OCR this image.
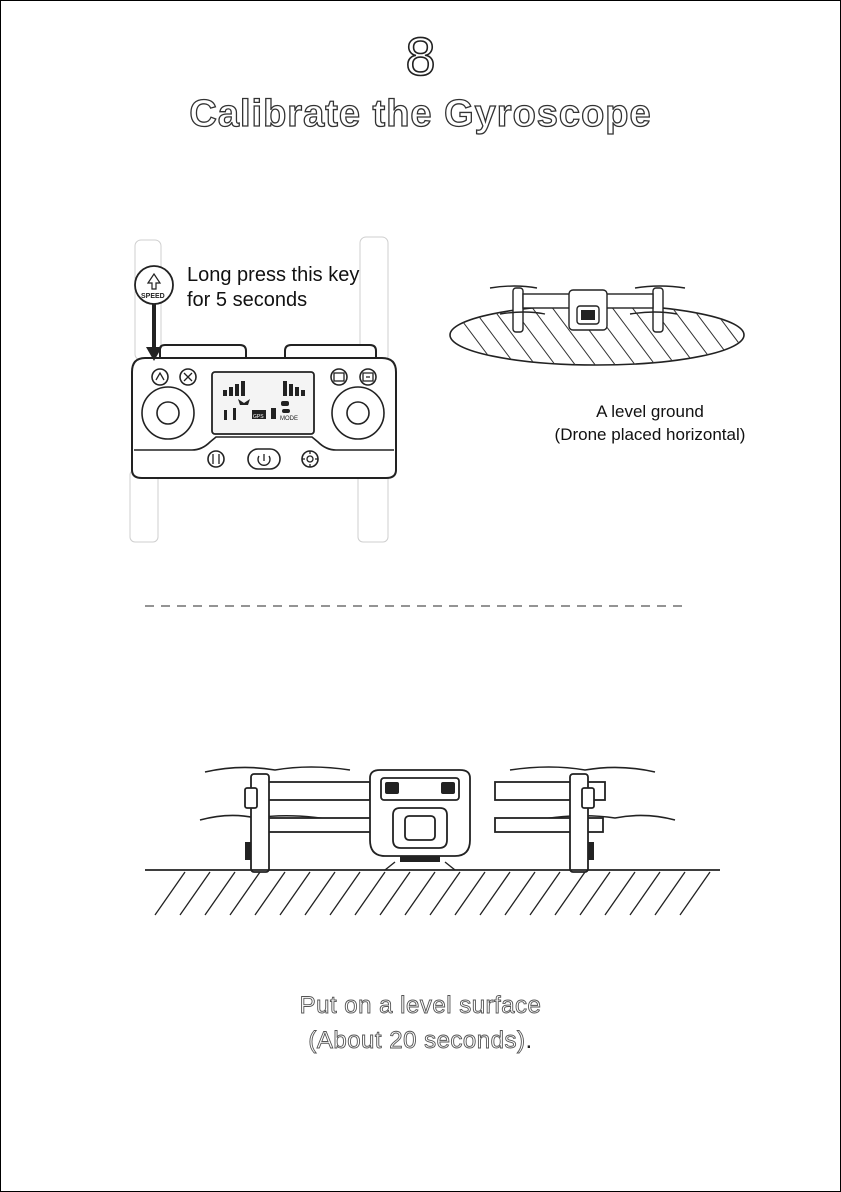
8
Calibrate the Gyroscope
GPS	MODE
SPEED
Long press this key
for 5 seconds
A level ground
(Drone placed horizontal)
Put on a level surface
(About 20 seconds).
